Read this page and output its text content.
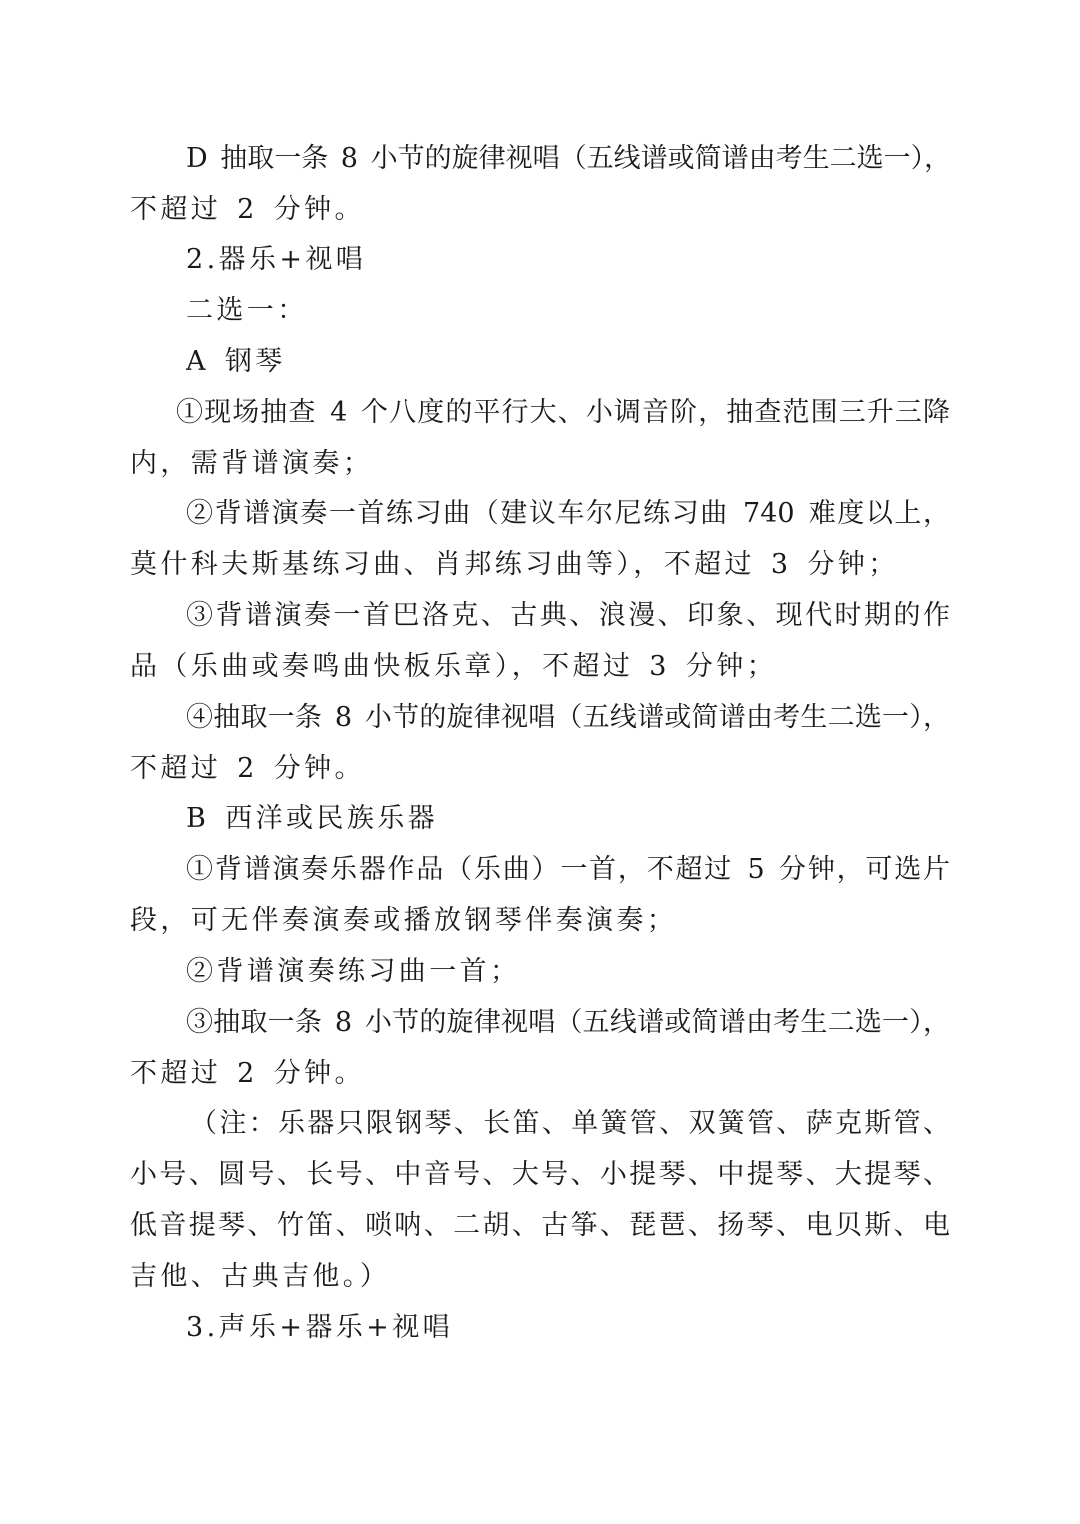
D 抽取一条 8 小节的旋律视唱（五线谱或简谱由考生二选一），
不超过 2 分钟。
2.器乐+视唱
二选一：
A 钢琴
①现场抽查 4 个八度的平行大、小调音阶，抽查范围三升三降
内，需背谱演奏；
②背谱演奏一首练习曲（建议车尔尼练习曲 740 难度以上，
莫什科夫斯基练习曲、肖邦练习曲等），不超过 3 分钟；
③背谱演奏一首巴洛克、古典、浪漫、印象、现代时期的作
品（乐曲或奏鸣曲快板乐章），不超过 3 分钟；
④抽取一条 8 小节的旋律视唱（五线谱或简谱由考生二选一），
不超过 2 分钟。
B 西洋或民族乐器
①背谱演奏乐器作品（乐曲）一首，不超过 5 分钟，可选片
段，可无伴奏演奏或播放钢琴伴奏演奏；
②背谱演奏练习曲一首；
③抽取一条 8 小节的旋律视唱（五线谱或简谱由考生二选一），
不超过 2 分钟。
（注：乐器只限钢琴、长笛、单簧管、双簧管、萨克斯管、
小号、圆号、长号、中音号、大号、小提琴、中提琴、大提琴、
低音提琴、竹笛、唢呐、二胡、古筝、琵琶、扬琴、电贝斯、电
吉他、古典吉他。）
3.声乐+器乐+视唱
